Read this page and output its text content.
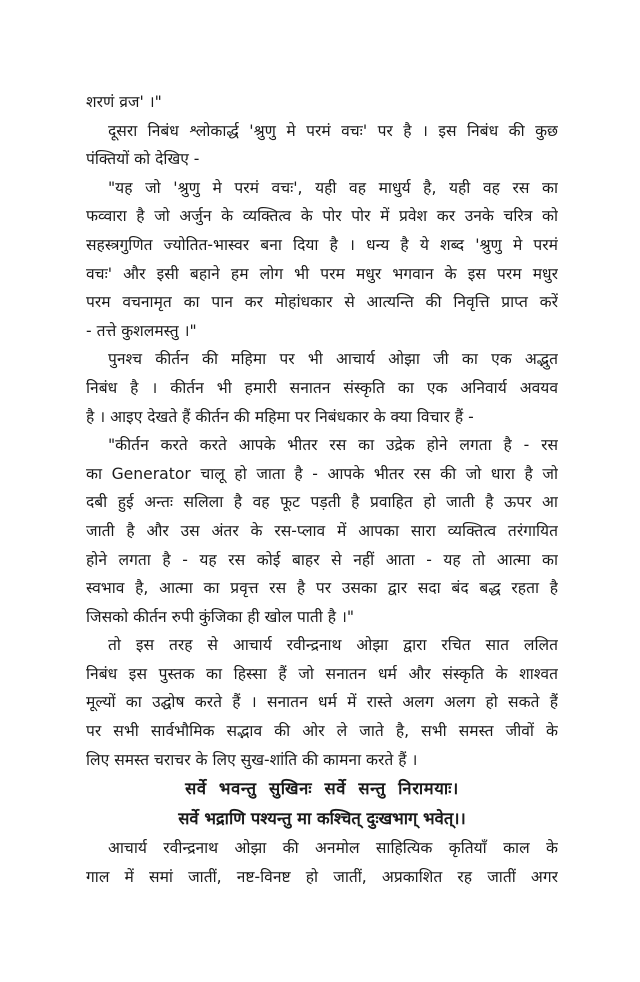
शरणं व्रज' ।"
दूसरा निबंध श्लोकार्द्ध 'श्रुणु मे परमं वचः' पर है । इस निबंध की कुछ
पंक्तियों को देखिए -
"यह जो 'श्रुणु मे परमं वचः', यही वह माधुर्य है, यही वह रस का
फव्वारा है जो अर्जुन के व्यक्तित्व के पोर पोर में प्रवेश कर उनके चरित्र को
सहस्त्रगुणित ज्योतित-भास्वर बना दिया है । धन्य है ये शब्द 'श्रुणु मे परमं
वचः' और इसी बहाने हम लोग भी परम मधुर भगवान के इस परम मधुर
परम वचनामृत का पान कर मोहांधकार से आत्यन्ति की निवृत्ति प्राप्त करें
- तत्ते कुशलमस्तु ।"
पुनश्च कीर्तन की महिमा पर भी आचार्य ओझा जी का एक अद्भुत
निबंध है । कीर्तन भी हमारी सनातन संस्कृति का एक अनिवार्य अवयव
है । आइए देखते हैं कीर्तन की महिमा पर निबंधकार के क्या विचार हैं -
"कीर्तन करते करते आपके भीतर रस का उद्रेक होने लगता है - रस
का Generator चालू हो जाता है - आपके भीतर रस की जो धारा है जो
दबी हुई अन्तः सलिला है वह फूट पड़ती है प्रवाहित हो जाती है ऊपर आ
जाती है और उस अंतर के रस-प्लाव में आपका सारा व्यक्तित्व तरंगायित
होने लगता है - यह रस कोई बाहर से नहीं आता - यह तो आत्मा का
स्वभाव है, आत्मा का प्रवृत्त रस है पर उसका द्वार सदा बंद बद्ध रहता है
जिसको कीर्तन रुपी कुंजिका ही खोल पाती है ।"
तो इस तरह से आचार्य रवीन्द्रनाथ ओझा द्वारा रचित सात ललित
निबंध इस पुस्तक का हिस्सा हैं जो सनातन धर्म और संस्कृति के शाश्वत
मूल्यों का उद्घोष करते हैं । सनातन धर्म में रास्ते अलग अलग हो सकते हैं
पर सभी सार्वभौमिक सद्भाव की ओर ले जाते है, सभी समस्त जीवों के
लिए समस्त चराचर के लिए सुख-शांति की कामना करते हैं ।
सर्वे भवन्तु सुखिनः सर्वे सन्तु निरामयाः।
सर्वे भद्राणि पश्यन्तु मा कश्चित् दुःखभाग् भवेत्।।
आचार्य रवीन्द्रनाथ ओझा की अनमोल साहित्यिक कृतियाँ काल के
गाल में समां जातीं, नष्ट-विनष्ट हो जातीं, अप्रकाशित रह जातीं अगर
